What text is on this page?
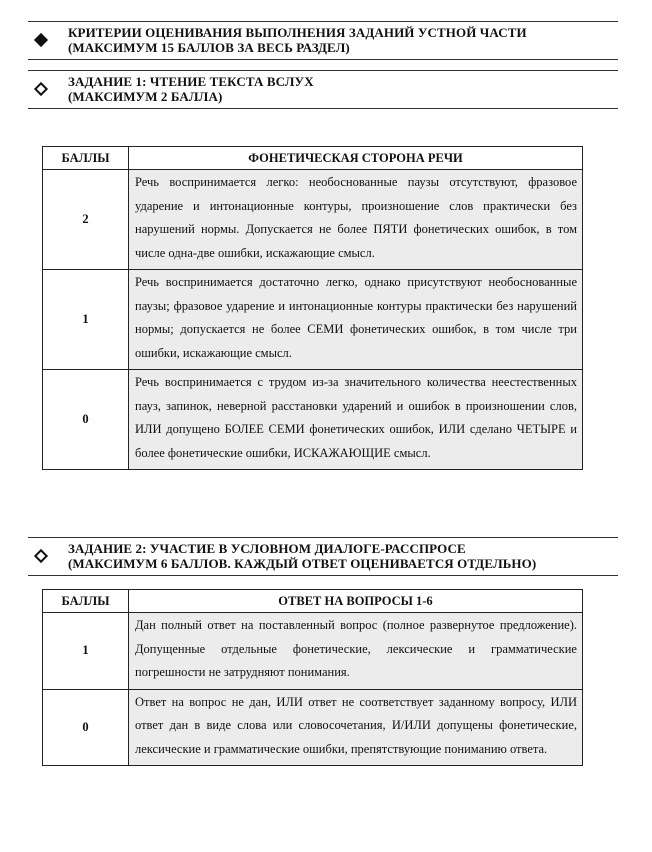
КРИТЕРИИ ОЦЕНИВАНИЯ ВЫПОЛНЕНИЯ ЗАДАНИЙ УСТНОЙ ЧАСТИ
(МАКСИМУМ 15 БАЛЛОВ ЗА ВЕСЬ РАЗДЕЛ)
ЗАДАНИЕ 1: ЧТЕНИЕ ТЕКСТА ВСЛУХ
(МАКСИМУМ 2 БАЛЛА)
БАЛЛЫ	ФОНЕТИЧЕСКАЯ СТОРОНА РЕЧИ
2	Речь воспринимается легко: необоснованные паузы отсутствуют, фразовое ударение и интонационные контуры, произношение слов практически без нарушений нормы. Допускается не более ПЯТИ фонетических ошибок, в том числе одна-две ошибки, искажающие смысл.
1	Речь воспринимается достаточно легко, однако присутствуют необоснованные паузы; фразовое ударение и интонационные контуры практически без нарушений нормы; допускается не более СЕМИ фонетических ошибок, в том числе три ошибки, искажающие смысл.
0	Речь воспринимается с трудом из-за значительного количества неестественных пауз, запинок, неверной расстановки ударений и ошибок в произношении слов, ИЛИ допущено БОЛЕЕ СЕМИ фонетических ошибок, ИЛИ сделано ЧЕТЫРЕ и более фонетические ошибки, ИСКАЖАЮЩИЕ смысл.
ЗАДАНИЕ 2: УЧАСТИЕ В УСЛОВНОМ ДИАЛОГЕ-РАССПРОСЕ
(МАКСИМУМ 6 БАЛЛОВ. КАЖДЫЙ ОТВЕТ ОЦЕНИВАЕТСЯ ОТДЕЛЬНО)
БАЛЛЫ	ОТВЕТ НА ВОПРОСЫ 1-6
1	Дан полный ответ на поставленный вопрос (полное развернутое предложение). Допущенные отдельные фонетические, лексические и грамматические погрешности не затрудняют понимания.
0	Ответ на вопрос не дан, ИЛИ ответ не соответствует заданному вопросу, ИЛИ ответ дан в виде слова или словосочетания, И/ИЛИ допущены фонетические, лексические и грамматические ошибки, препятствующие пониманию ответа.
